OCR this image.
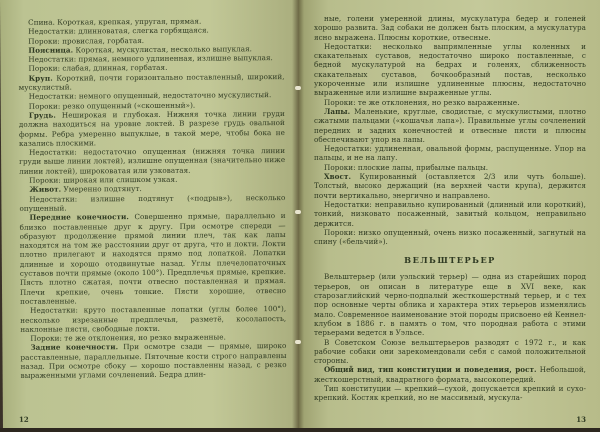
Спина. Короткая, крепкая, упругая, прямая.

Недостатки: длинноватая, слегка горбящаяся.

Пороки: провислая, горбатая.

Поясница. Короткая, мускулистая, несколько выпуклая.

Недостатки: прямая, немного удлиненная, излишне выпуклая.

Пороки: слабая, длинная, горбатая.

Круп. Короткий, почти горизонтально поставленный, широкий, мускулистый.

Недостатки: немного опущенный, недостаточно мускулистый.

Пороки: резко опущенный («скошенный»).

Грудь. Неширокая и глубокая. Нижняя точка линии груди должна находиться на уровне локтей. В разрезе грудь овальной формы. Ребра умеренно выпуклые, в такой мере, чтобы бока не казались плоскими.

Недостатки: недостаточно опущенная (нижняя точка линии груди выше линии локтей), излишне опущенная (значительно ниже линии локтей), широковатая или узковатая.

Пороки: широкая или слишком узкая.

Живот. Умеренно подтянут.

Недостатки: излишне подтянут («подрыв»), несколько опущенный.

Передние конечности. Совершенно прямые, параллельно и близко поставленные друг к другу. При осмотре спереди — образуют продолжение прямой линии плеч, так как лапы находятся на том же расстоянии друг от друга, что и локти. Локти плотно прилегают и находятся прямо под лопаткой. Лопатки длинные и хорошо отодвинутые назад. Углы плечелопаточных суставов почти прямые (около 100°). Предплечья прямые, крепкие. Пясть плотно сжатая, почти отвесно поставленная и прямая. Плечи крепкие, очень тонкие. Пясти хорошие, отвесно поставленные.

Недостатки: круто поставленные лопатки (углы более 100°), несколько изрезанные предплечья, разметё, косолапость, наклонные пясти, свободные локти.

Пороки: те же отклонения, но резко выраженные.

Задние конечности. При осмотре сзади — прямые, широко расставленные, параллельные. Пяточные кости строго направлены назад. При осмотре сбоку — хорошо поставленны назад, с резко выраженными углами сочленений. Бедра длин-

12

ные, голени умеренной длины, мускулатура бедер и голеней хорошо развита. Зад собаки не должен быть плоским, а мускулатура ясно выражена. Плюсны короткие, отвесные.

Недостатки: несколько выпрямленные углы коленных и скакательных суставов, недостаточно широко поставленные, с бедной мускулатурой на бедрах и голенях, сближенность скакательных суставов, бочкообразный постав, несколько укороченные или излишне удлиненные плюсны, недостаточно выраженные или излишне выраженные углы.

Пороки: те же отклонения, но резко выраженные.

Лапы. Маленькие, круглые, сводистые, с мускулистыми, плотно сжатыми пальцами («кошачья лапа»). Правильные углы сочленений передних и задних конечностей и отвесные пясти и плюсны обеспечивают упор на лапы.

Недостатки: удлиненная, овальной формы, распущенные. Упор на пальцы, и не на лапу.

Пороки: плоские лапы, прибылые пальцы.

Хвост. Купированный (оставляется 2/3 или чуть больше). Толстый, высоко держащий (на верхней части крупа), держится почти вертикально, энергично и направлено.

Недостатки: неправильно купированный (длинный или короткий), тонкий, низковато посаженный, завитый кольцом, неправильно держится.

Пороки: низко опущенный, очень низко посаженный, загнутый на спину («бельчий»).

ВЕЛЬШТЕРЬЕР

Вельштерьер (или уэльский терьер) — одна из старейших пород терьеров, он описан в литературе еще в XVI веке, как старозаглийский черно-подпалый жесткошерстный терьер, и с тех пор основные черты облика и характера этих терьеров изменялись мало. Современное наименование этой породы присвоено ей Кеннел-клубом в 1886 г. в память о том, что породная работа с этими терьерами ведется в Уэльсе.

В Советском Союзе вельштерьеров разводят с 1972 г., и как рабочие собаки они зарекомендовали себя с самой положительной стороны.

Общий вид, тип конституции и поведения, рост. Небольшой, жесткошерстный, квадратного формата, высокопередий.

Тип конституции — крепкий—сухой, допускается крепкий и сухо-крепкий. Костяк крепкий, но не массивный, мускула-

13
